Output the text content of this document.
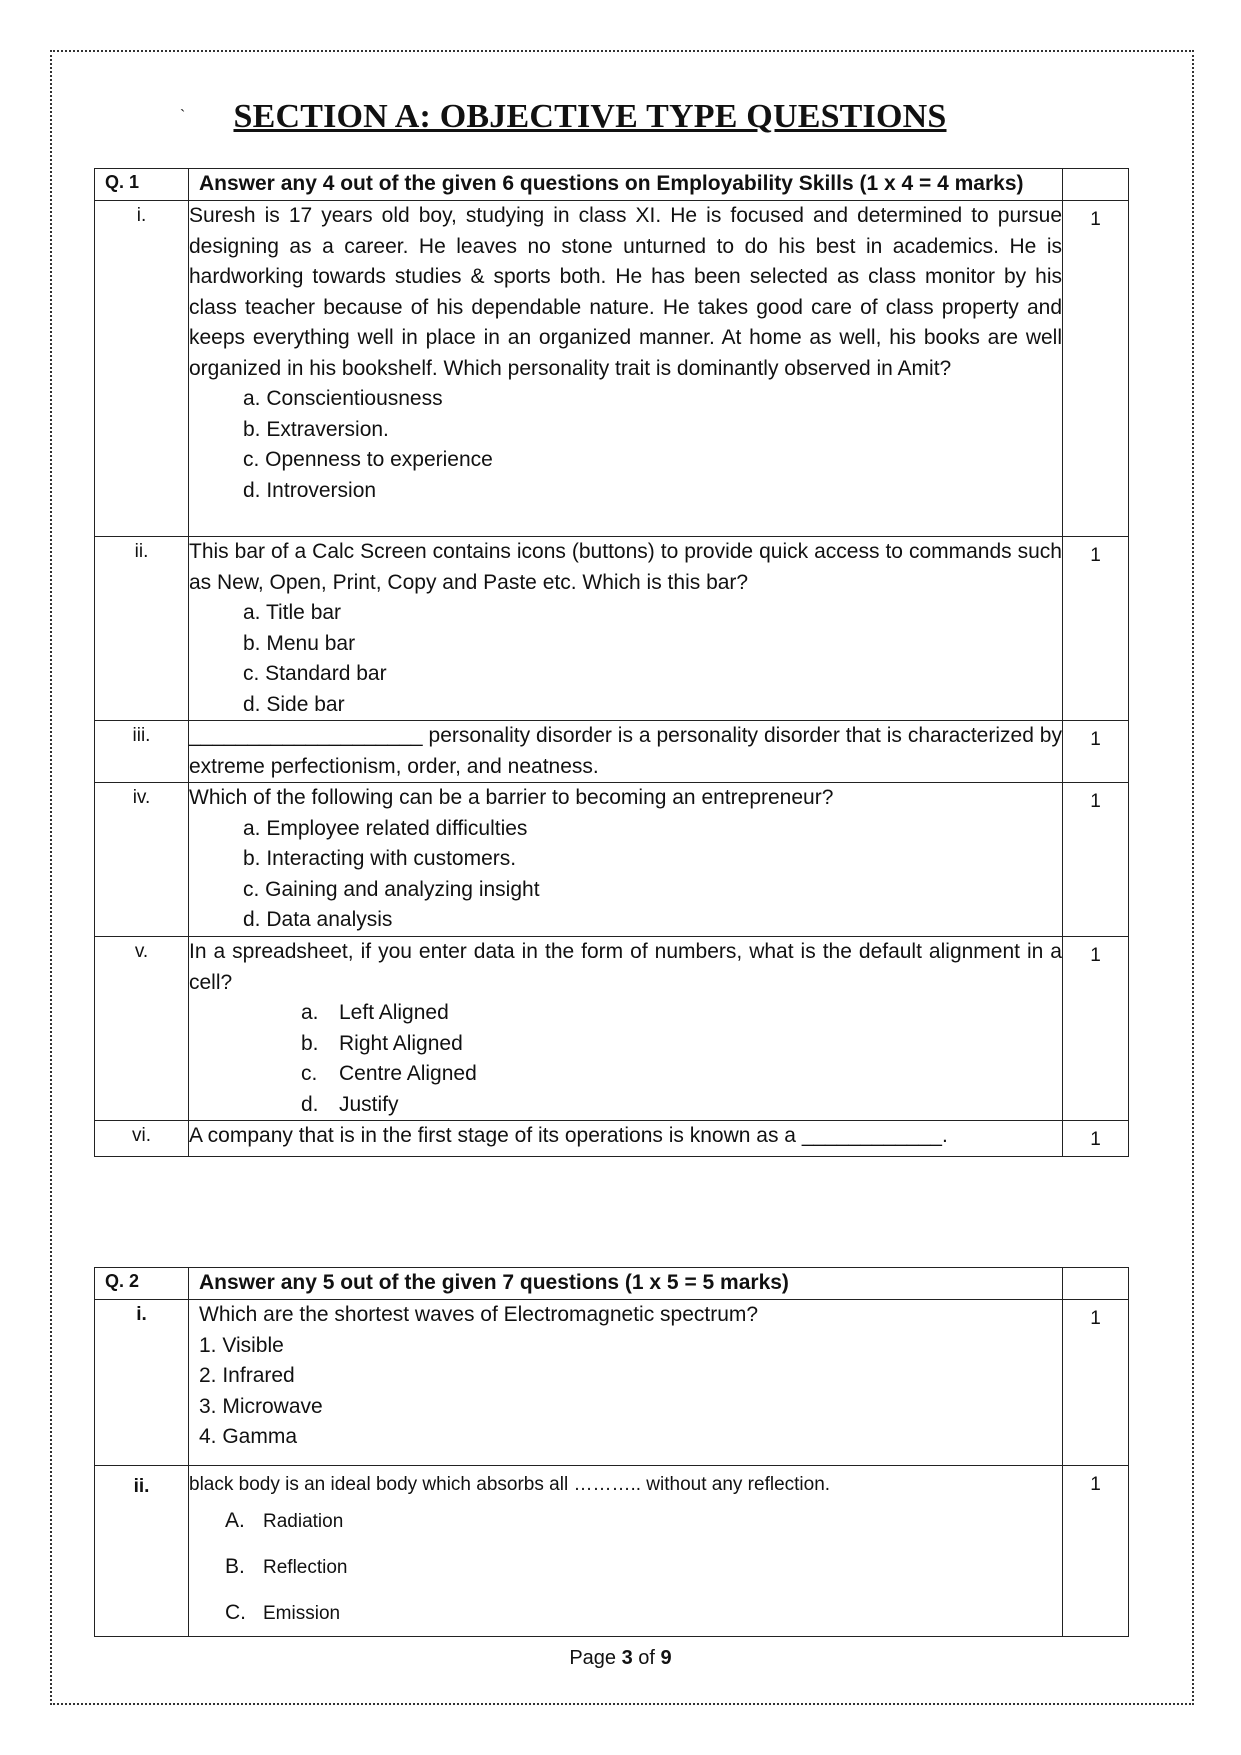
`	SECTION A: OBJECTIVE TYPE QUESTIONS
Q. 1	Answer any 4 out of the given 6 questions on Employability Skills (1 x 4 = 4 marks)	
i.	Suresh is 17 years old boy, studying in class XI. He is focused and determined to pursue designing as a career. He leaves no stone unturned to do his best in academics. He is hardworking towards studies & sports both. He has been selected as class monitor by his class teacher because of his dependable nature. He takes good care of class property and keeps everything well in place in an organized manner. At home as well, his books are well organized in his bookshelf. Which personality trait is dominantly observed in Amit?
a. Conscientiousness
b. Extraversion.
c. Openness to experience
d. Introversion	1
ii.	This bar of a Calc Screen contains icons (buttons) to provide quick access to commands such as New, Open, Print, Copy and Paste etc. Which is this bar?
a. Title bar
b. Menu bar
c. Standard bar
d. Side bar	1
iii.	____________________ personality disorder is a personality disorder that is characterized by extreme perfectionism, order, and neatness.	1
iv.	Which of the following can be a barrier to becoming an entrepreneur?
a. Employee related difficulties
b. Interacting with customers.
c. Gaining and analyzing insight
d. Data analysis	1
v.	In a spreadsheet, if you enter data in the form of numbers, what is the default alignment in a cell?
a. Left Aligned
b. Right Aligned
c. Centre Aligned
d. Justify	1
vi.	A company that is in the first stage of its operations is known as a ____________.	1
Q. 2	Answer any 5 out of the given 7 questions (1 x 5 = 5 marks)	
i.	Which are the shortest waves of Electromagnetic spectrum?
1. Visible
2. Infrared
3. Microwave
4. Gamma	1
ii.	black body is an ideal body which absorbs all ……….. without any reflection.
A. Radiation
B. Reflection
C. Emission	1
Page 3 of 9
